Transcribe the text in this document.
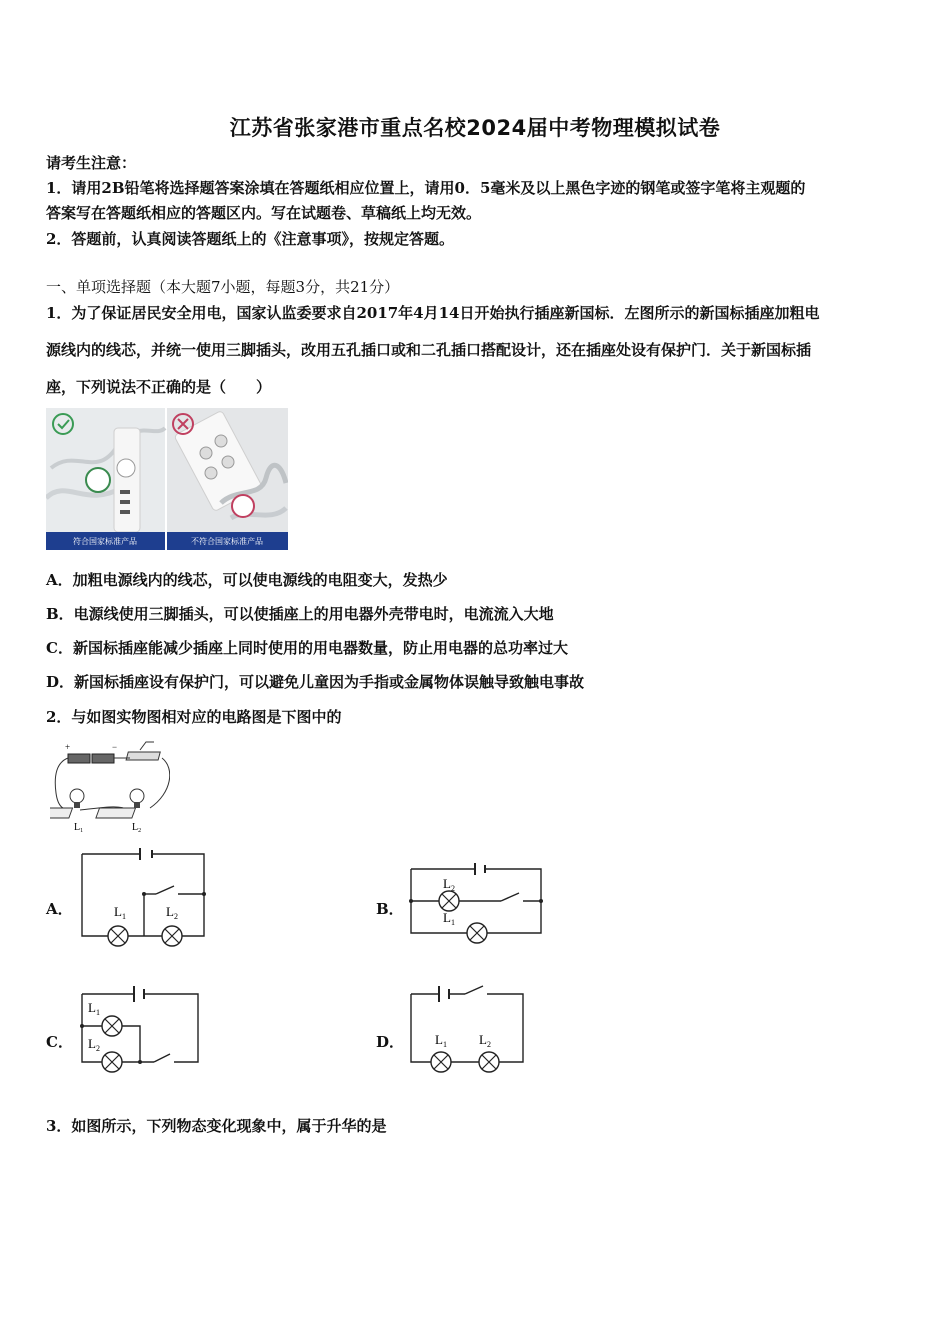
江苏省张家港市重点名校2024届中考物理模拟试卷
请考生注意：
1．请用2B铅笔将选择题答案涂填在答题纸相应位置上，请用0．5毫米及以上黑色字迹的钢笔或签字笔将主观题的
答案写在答题纸相应的答题区内。写在试题卷、草稿纸上均无效。
2．答题前，认真阅读答题纸上的《注意事项》，按规定答题。
一、单项选择题（本大题7小题，每题3分，共21分）
1．为了保证居民安全用电，国家认监委要求自2017年4月14日开始执行插座新国标．左图所示的新国标插座加粗电
源线内的线芯，并统一使用三脚插头，改用五孔插口或和二孔插口搭配设计，还在插座处设有保护门．关于新国标插
座，下列说法不正确的是（　　）
符合国家标准产品	不符合国家标准产品
A．加粗电源线内的线芯，可以使电源线的电阻变大，发热少
B．电源线使用三脚插头，可以使插座上的用电器外壳带电时，电流流入大地
C．新国标插座能减少插座上同时使用的用电器数量，防止用电器的总功率过大
D．新国标插座设有保护门，可以避免儿童因为手指或金属物体误触导致触电事故
2．与如图实物图相对应的电路图是下图中的
+	−
$L_1$	$L_2$
A．	$L_1$	$L_2$	B．
$L_2$
$L_1$
C．
$L_1$
$L_2$	D． $L_1$ $L_2$
3．如图所示，下列物态变化现象中，属于升华的是
